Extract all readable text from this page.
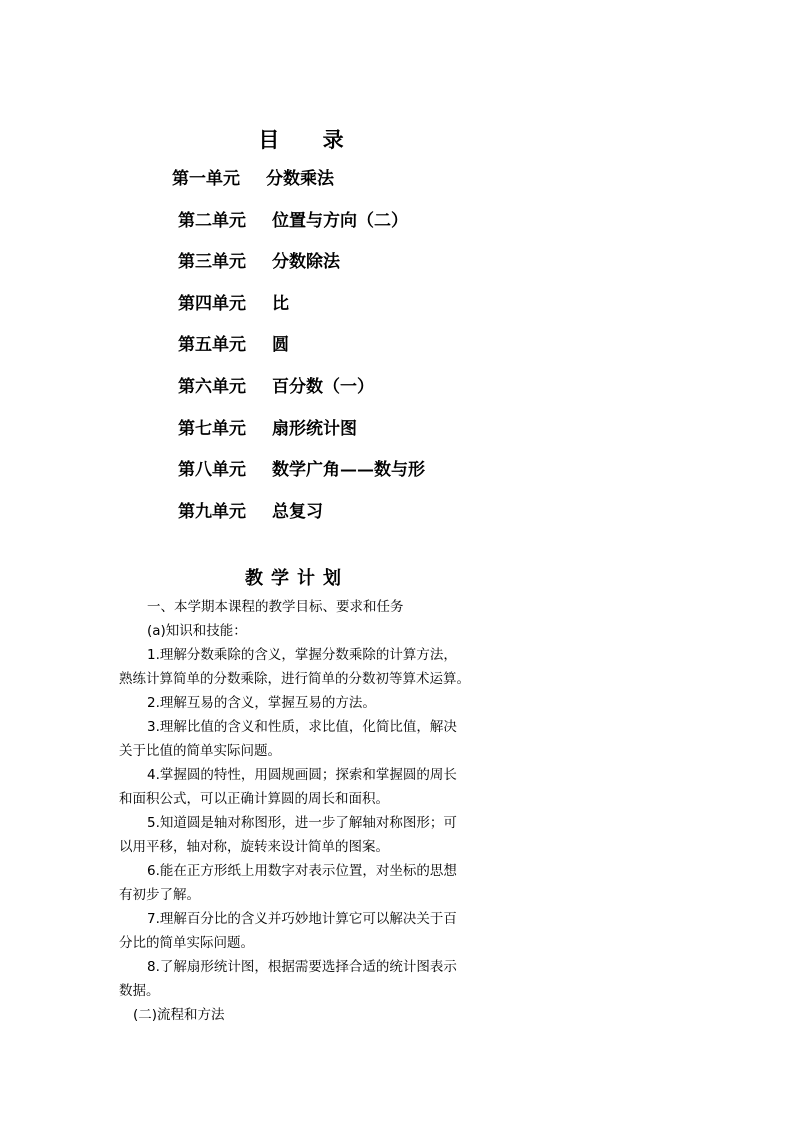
目 录
第一单元 分数乘法
第二单元 位置与方向（二）
第三单元 分数除法
第四单元 比
第五单元 圆
第六单元 百分数（一）
第七单元 扇形统计图
第八单元 数学广角——数与形
第九单元 总复习
教学计划
一、本学期本课程的教学目标、要求和任务
(a)知识和技能：
1.理解分数乘除的含义，掌握分数乘除的计算方法，
熟练计算简单的分数乘除，进行简单的分数初等算术运算。
2.理解互易的含义，掌握互易的方法。
3.理解比值的含义和性质，求比值，化简比值，解决
关于比值的简单实际问题。
4.掌握圆的特性，用圆规画圆；探索和掌握圆的周长
和面积公式，可以正确计算圆的周长和面积。
5.知道圆是轴对称图形，进一步了解轴对称图形；可
以用平移，轴对称，旋转来设计简单的图案。
6.能在正方形纸上用数字对表示位置，对坐标的思想
有初步了解。
7.理解百分比的含义并巧妙地计算它可以解决关于百
分比的简单实际问题。
8.了解扇形统计图，根据需要选择合适的统计图表示
数据。
(二)流程和方法
